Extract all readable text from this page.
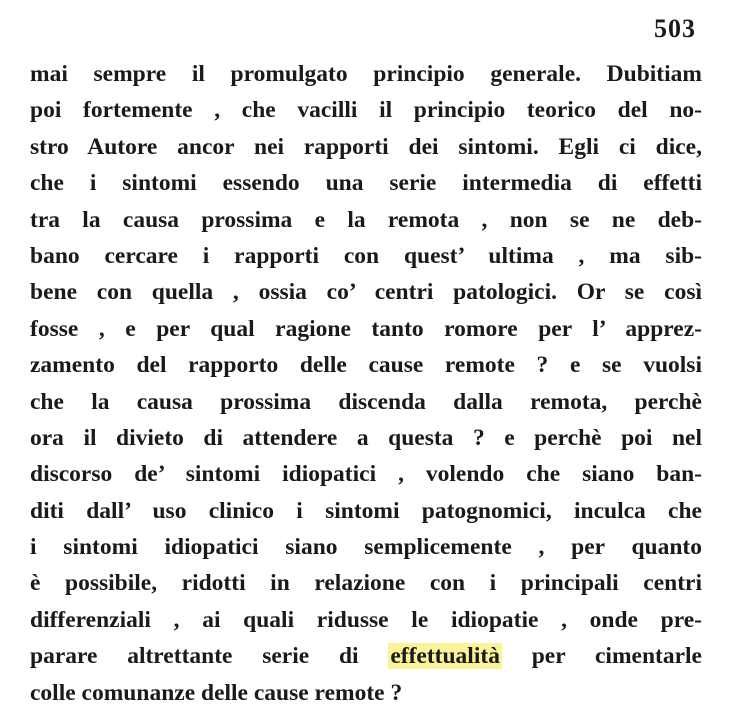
503
mai sempre il promulgato principio generale. Dubitiam
poi fortemente , che vacilli il principio teorico del no-
stro Autore ancor nei rapporti dei sintomi. Egli ci dice,
che i sintomi essendo una serie intermedia di effetti
tra la causa prossima e la remota , non se ne deb-
bano cercare i rapporti con quest’ ultima , ma sib-
bene con quella , ossia co’ centri patologici. Or se così
fosse , e per qual ragione tanto romore per l’ apprez-
zamento del rapporto delle cause remote ? e se vuolsi
che la causa prossima discenda dalla remota, perchè
ora il divieto di attendere a questa ? e perchè poi nel
discorso de’ sintomi idiopatici , volendo che siano ban-
diti dall’ uso clinico i sintomi patognomici, inculca che
i sintomi idiopatici siano semplicemente , per quanto
è possibile, ridotti in relazione con i principali centri
differenziali , ai quali ridusse le idiopatie , onde pre-
parare altrettante serie di effettualità per cimentarle
colle comunanze delle cause remote ?
